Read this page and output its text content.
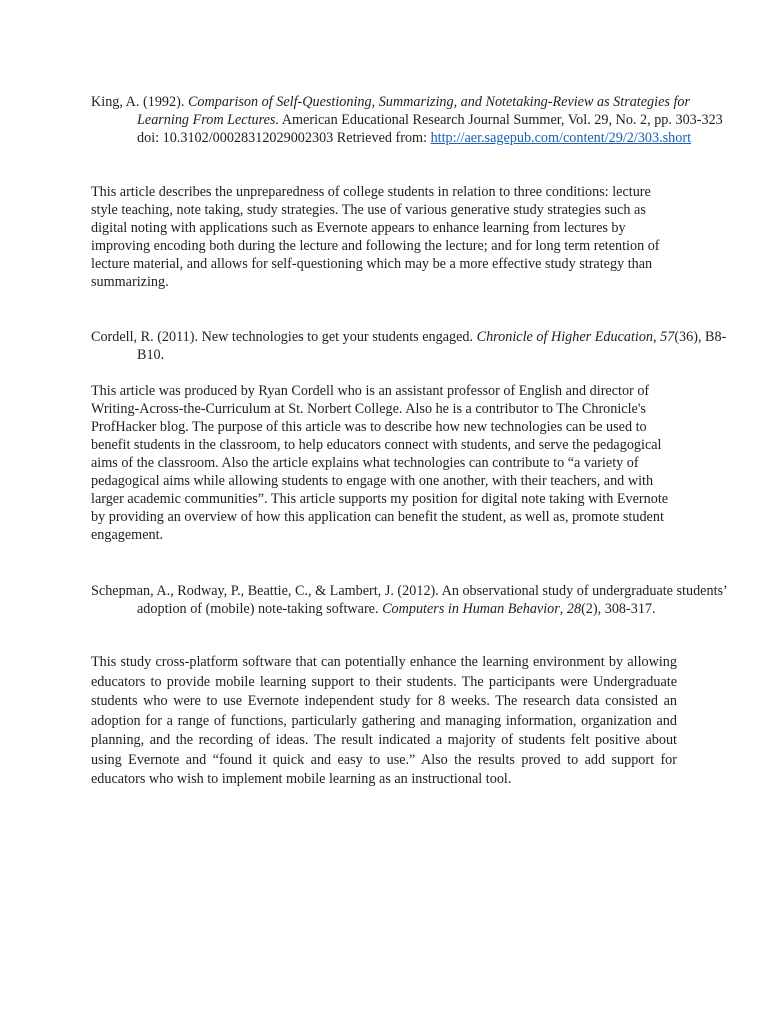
King, A. (1992). Comparison of Self-Questioning, Summarizing, and Notetaking-Review as Strategies for Learning From Lectures. American Educational Research Journal Summer, Vol. 29, No. 2, pp. 303-323 doi: 10.3102/00028312029002303 Retrieved from: http://aer.sagepub.com/content/29/2/303.short

This article describes the unpreparedness of college students in relation to three conditions: lecture style teaching, note taking, study strategies. The use of various generative study strategies such as digital noting with applications such as Evernote appears to enhance learning from lectures by improving encoding both during the lecture and following the lecture; and for long term retention of lecture material, and allows for self-questioning which may be a more effective study strategy than summarizing.

Cordell, R. (2011). New technologies to get your students engaged. Chronicle of Higher Education, 57(36), B8-B10.

This article was produced by Ryan Cordell who is an assistant professor of English and director of Writing-Across-the-Curriculum at St. Norbert College. Also he is a contributor to The Chronicle's ProfHacker blog. The purpose of this article was to describe how new technologies can be used to benefit students in the classroom, to help educators connect with students, and serve the pedagogical aims of the classroom. Also the article explains what technologies can contribute to “a variety of pedagogical aims while allowing students to engage with one another, with their teachers, and with larger academic communities”. This article supports my position for digital note taking with Evernote by providing an overview of how this application can benefit the student, as well as, promote student engagement.

Schepman, A., Rodway, P., Beattie, C., & Lambert, J. (2012). An observational study of undergraduate students’ adoption of (mobile) note-taking software. Computers in Human Behavior, 28(2), 308-317.

This study cross-platform software that can potentially enhance the learning environment by allowing educators to provide mobile learning support to their students. The participants were Undergraduate students who were to use Evernote independent study for 8 weeks. The research data consisted an adoption for a range of functions, particularly gathering and managing information, organization and planning, and the recording of ideas. The result indicated a majority of students felt positive about using Evernote and “found it quick and easy to use.” Also the results proved to add support for educators who wish to implement mobile learning as an instructional tool.
